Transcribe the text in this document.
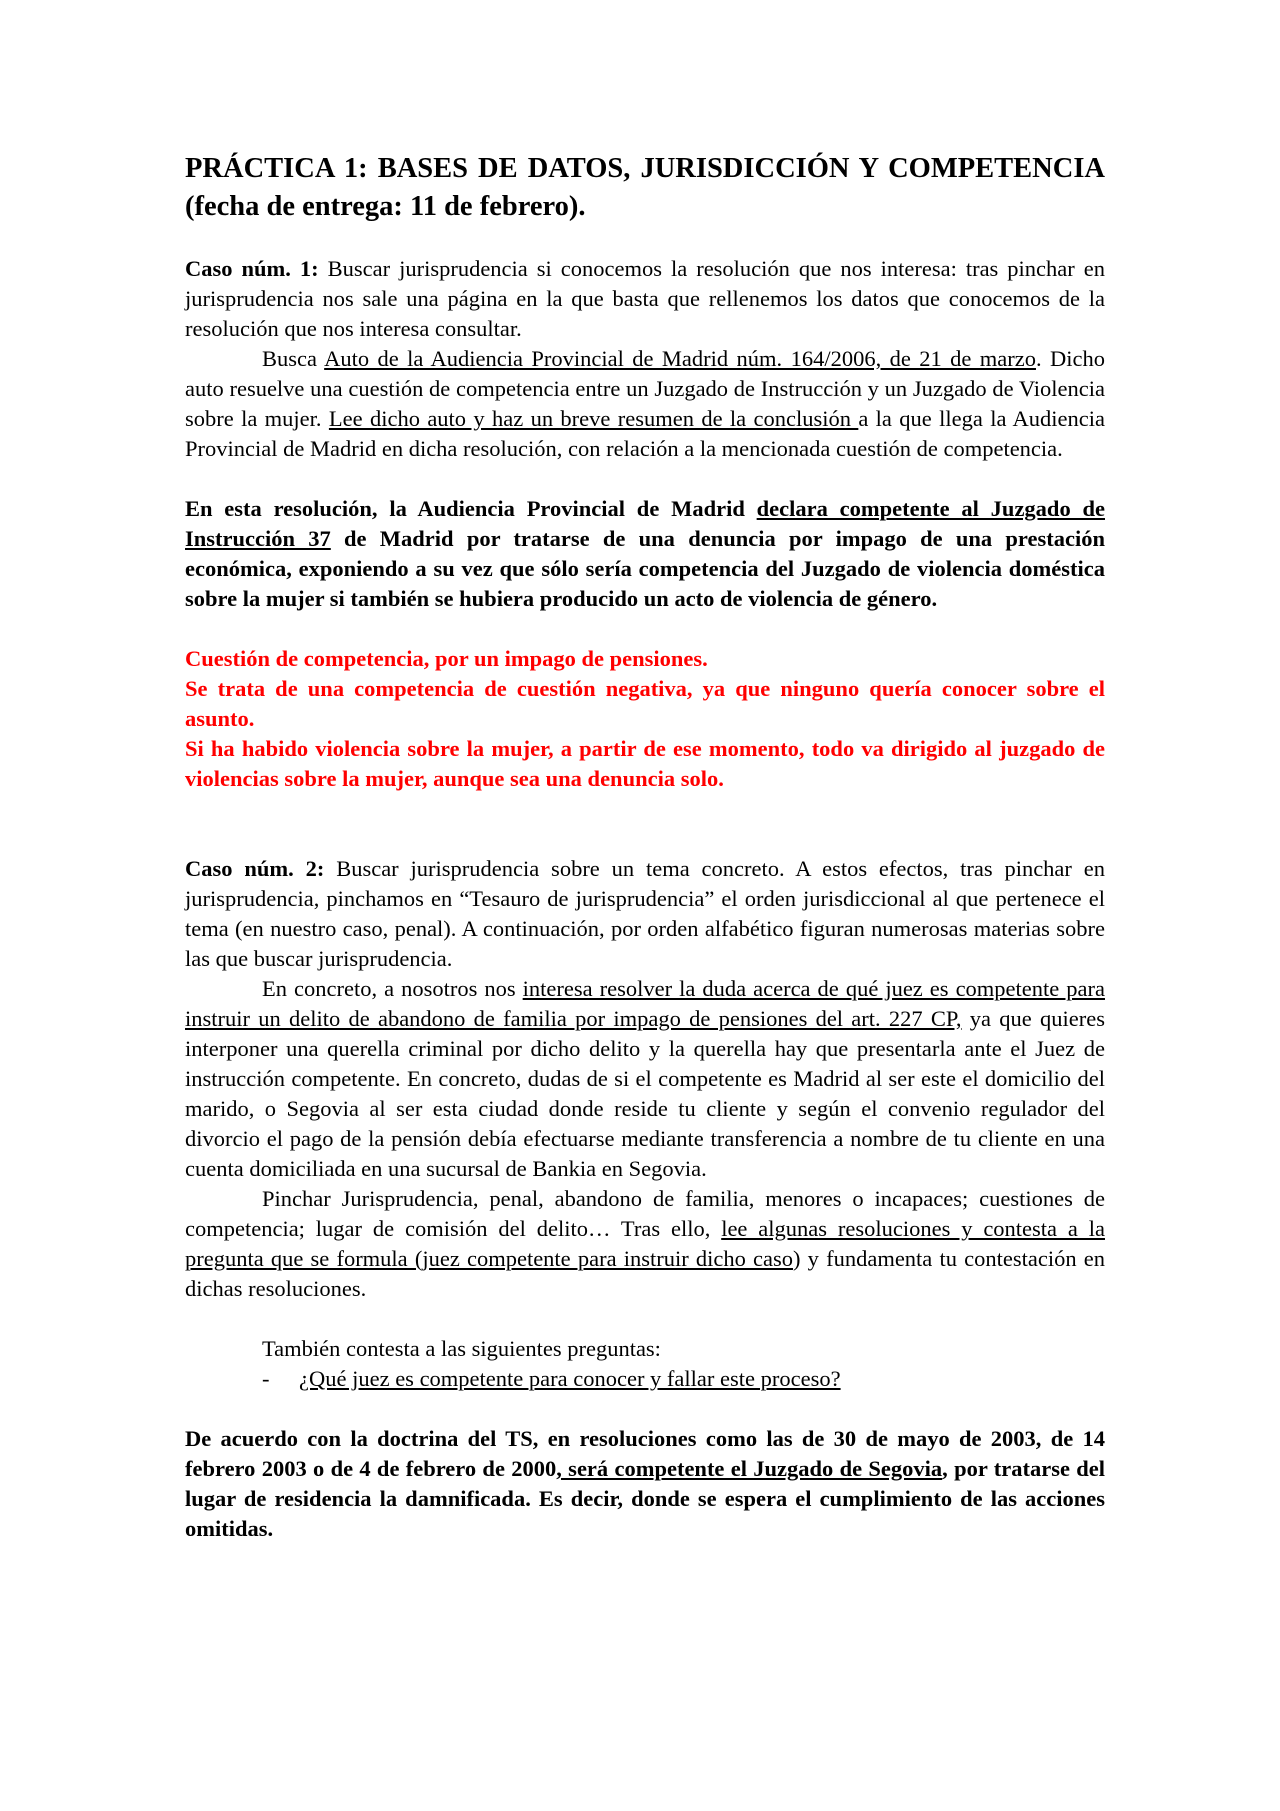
PRÁCTICA 1: BASES DE DATOS, JURISDICCIÓN Y COMPETENCIA (fecha de entrega: 11 de febrero).

Caso núm. 1: Buscar jurisprudencia si conocemos la resolución que nos interesa: tras pinchar en jurisprudencia nos sale una página en la que basta que rellenemos los datos que conocemos de la resolución que nos interesa consultar.

Busca Auto de la Audiencia Provincial de Madrid núm. 164/2006, de 21 de marzo. Dicho auto resuelve una cuestión de competencia entre un Juzgado de Instrucción y un Juzgado de Violencia sobre la mujer. Lee dicho auto y haz un breve resumen de la conclusión a la que llega la Audiencia Provincial de Madrid en dicha resolución, con relación a la mencionada cuestión de competencia.

En esta resolución, la Audiencia Provincial de Madrid declara competente al Juzgado de Instrucción 37 de Madrid por tratarse de una denuncia por impago de una prestación económica, exponiendo a su vez que sólo sería competencia del Juzgado de violencia doméstica sobre la mujer si también se hubiera producido un acto de violencia de género.

Cuestión de competencia, por un impago de pensiones.

Se trata de una competencia de cuestión negativa, ya que ninguno quería conocer sobre el asunto.

Si ha habido violencia sobre la mujer, a partir de ese momento, todo va dirigido al juzgado de violencias sobre la mujer, aunque sea una denuncia solo.

Caso núm. 2: Buscar jurisprudencia sobre un tema concreto. A estos efectos, tras pinchar en jurisprudencia, pinchamos en “Tesauro de jurisprudencia” el orden jurisdiccional al que pertenece el tema (en nuestro caso, penal). A continuación, por orden alfabético figuran numerosas materias sobre las que buscar jurisprudencia.

En concreto, a nosotros nos interesa resolver la duda acerca de qué juez es competente para instruir un delito de abandono de familia por impago de pensiones del art. 227 CP, ya que quieres interponer una querella criminal por dicho delito y la querella hay que presentarla ante el Juez de instrucción competente. En concreto, dudas de si el competente es Madrid al ser este el domicilio del marido, o Segovia al ser esta ciudad donde reside tu cliente y según el convenio regulador del divorcio el pago de la pensión debía efectuarse mediante transferencia a nombre de tu cliente en una cuenta domiciliada en una sucursal de Bankia en Segovia.

Pinchar Jurisprudencia, penal, abandono de familia, menores o incapaces; cuestiones de competencia; lugar de comisión del delito… Tras ello, lee algunas resoluciones y contesta a la pregunta que se formula (juez competente para instruir dicho caso) y fundamenta tu contestación en dichas resoluciones.

También contesta a las siguientes preguntas:

-	¿Qué juez es competente para conocer y fallar este proceso?

De acuerdo con la doctrina del TS, en resoluciones como las de 30 de mayo de 2003, de 14 febrero 2003 o de 4 de febrero de 2000, será competente el Juzgado de Segovia, por tratarse del lugar de residencia la damnificada. Es decir, donde se espera el cumplimiento de las acciones omitidas.
